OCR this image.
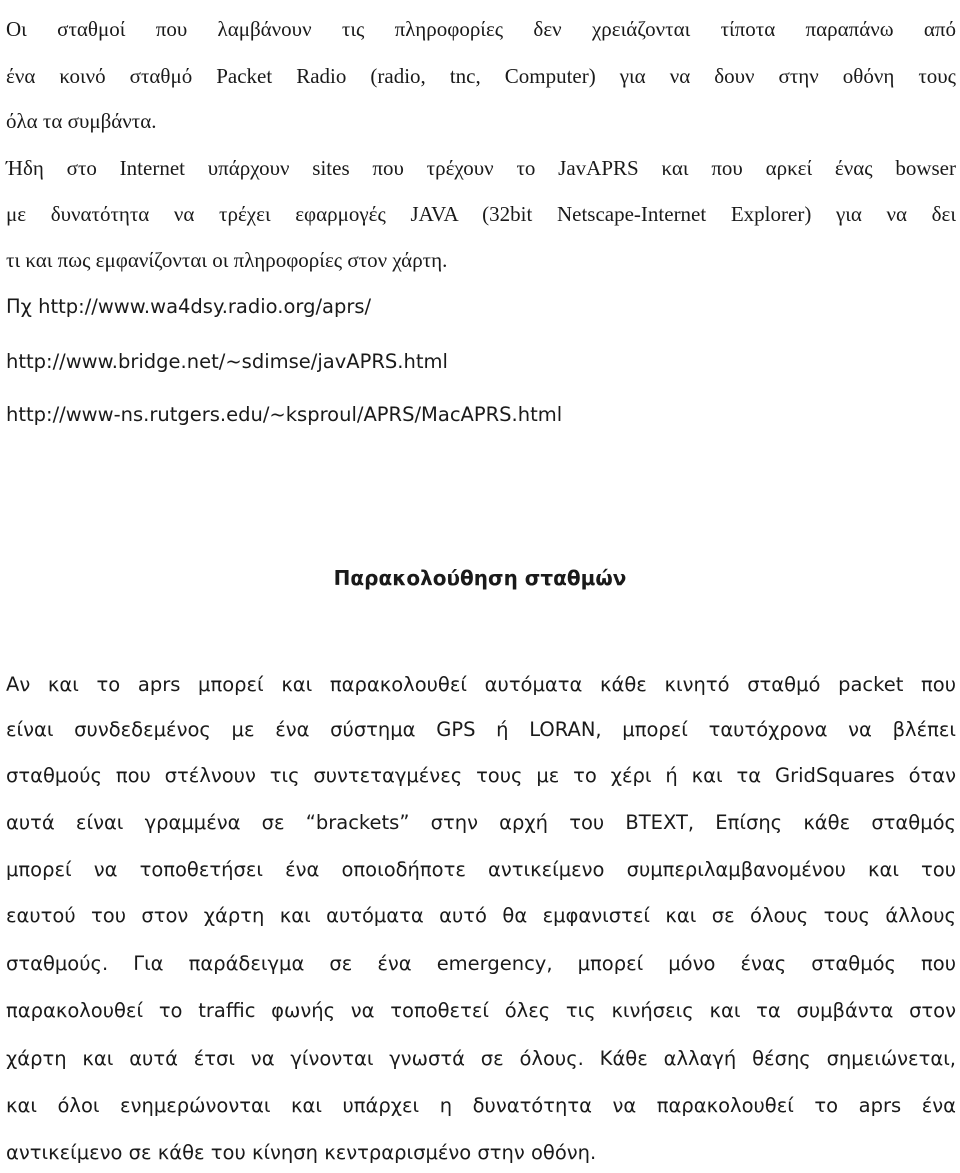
Οι σταθμοί που λαμβάνουν τις πληροφορίες δεν χρειάζονται τίποτα παραπάνω από
ένα κοινό σταθμό Packet Radio (radio, tnc, Computer) για να δουν στην οθόνη τους
όλα τα συμβάντα.
Ήδη στο Internet υπάρχουν sites που τρέχουν το JavAPRS και που αρκεί ένας bowser
με δυνατότητα να τρέχει εφαρμογές JAVA (32bit Netscape-Internet Explorer) για να δει
τι και πως εμφανίζονται οι πληροφορίες στον χάρτη.
Πχ http://www.wa4dsy.radio.org/aprs/
http://www.bridge.net/~sdimse/javAPRS.html
http://www-ns.rutgers.edu/~ksproul/APRS/MacAPRS.html
Παρακολούθηση σταθμών
Αν και το aprs μπορεί και παρακολουθεί αυτόματα κάθε κινητό σταθμό packet που
είναι συνδεδεμένος με ένα σύστημα GPS ή LORAN, μπορεί ταυτόχρονα να βλέπει
σταθμούς που στέλνουν τις συντεταγμένες τους με το χέρι ή και τα GridSquares όταν
αυτά είναι γραμμένα σε “brackets” στην αρχή του BTEXT, Επίσης κάθε σταθμός
μπορεί να τοποθετήσει ένα οποιοδήποτε αντικείμενο συμπεριλαμβανομένου και του
εαυτού του στον χάρτη και αυτόματα αυτό θα εμφανιστεί και σε όλους τους άλλους
σταθμούς. Για παράδειγμα σε ένα emergency, μπορεί μόνο ένας σταθμός που
παρακολουθεί το traffic φωνής να τοποθετεί όλες τις κινήσεις και τα συμβάντα στον
χάρτη και αυτά έτσι να γίνονται γνωστά σε όλους. Κάθε αλλαγή θέσης σημειώνεται,
και όλοι ενημερώνονται και υπάρχει η δυνατότητα να παρακολουθεί το aprs ένα
αντικείμενο σε κάθε του κίνηση κεντραρισμένο στην οθόνη.
